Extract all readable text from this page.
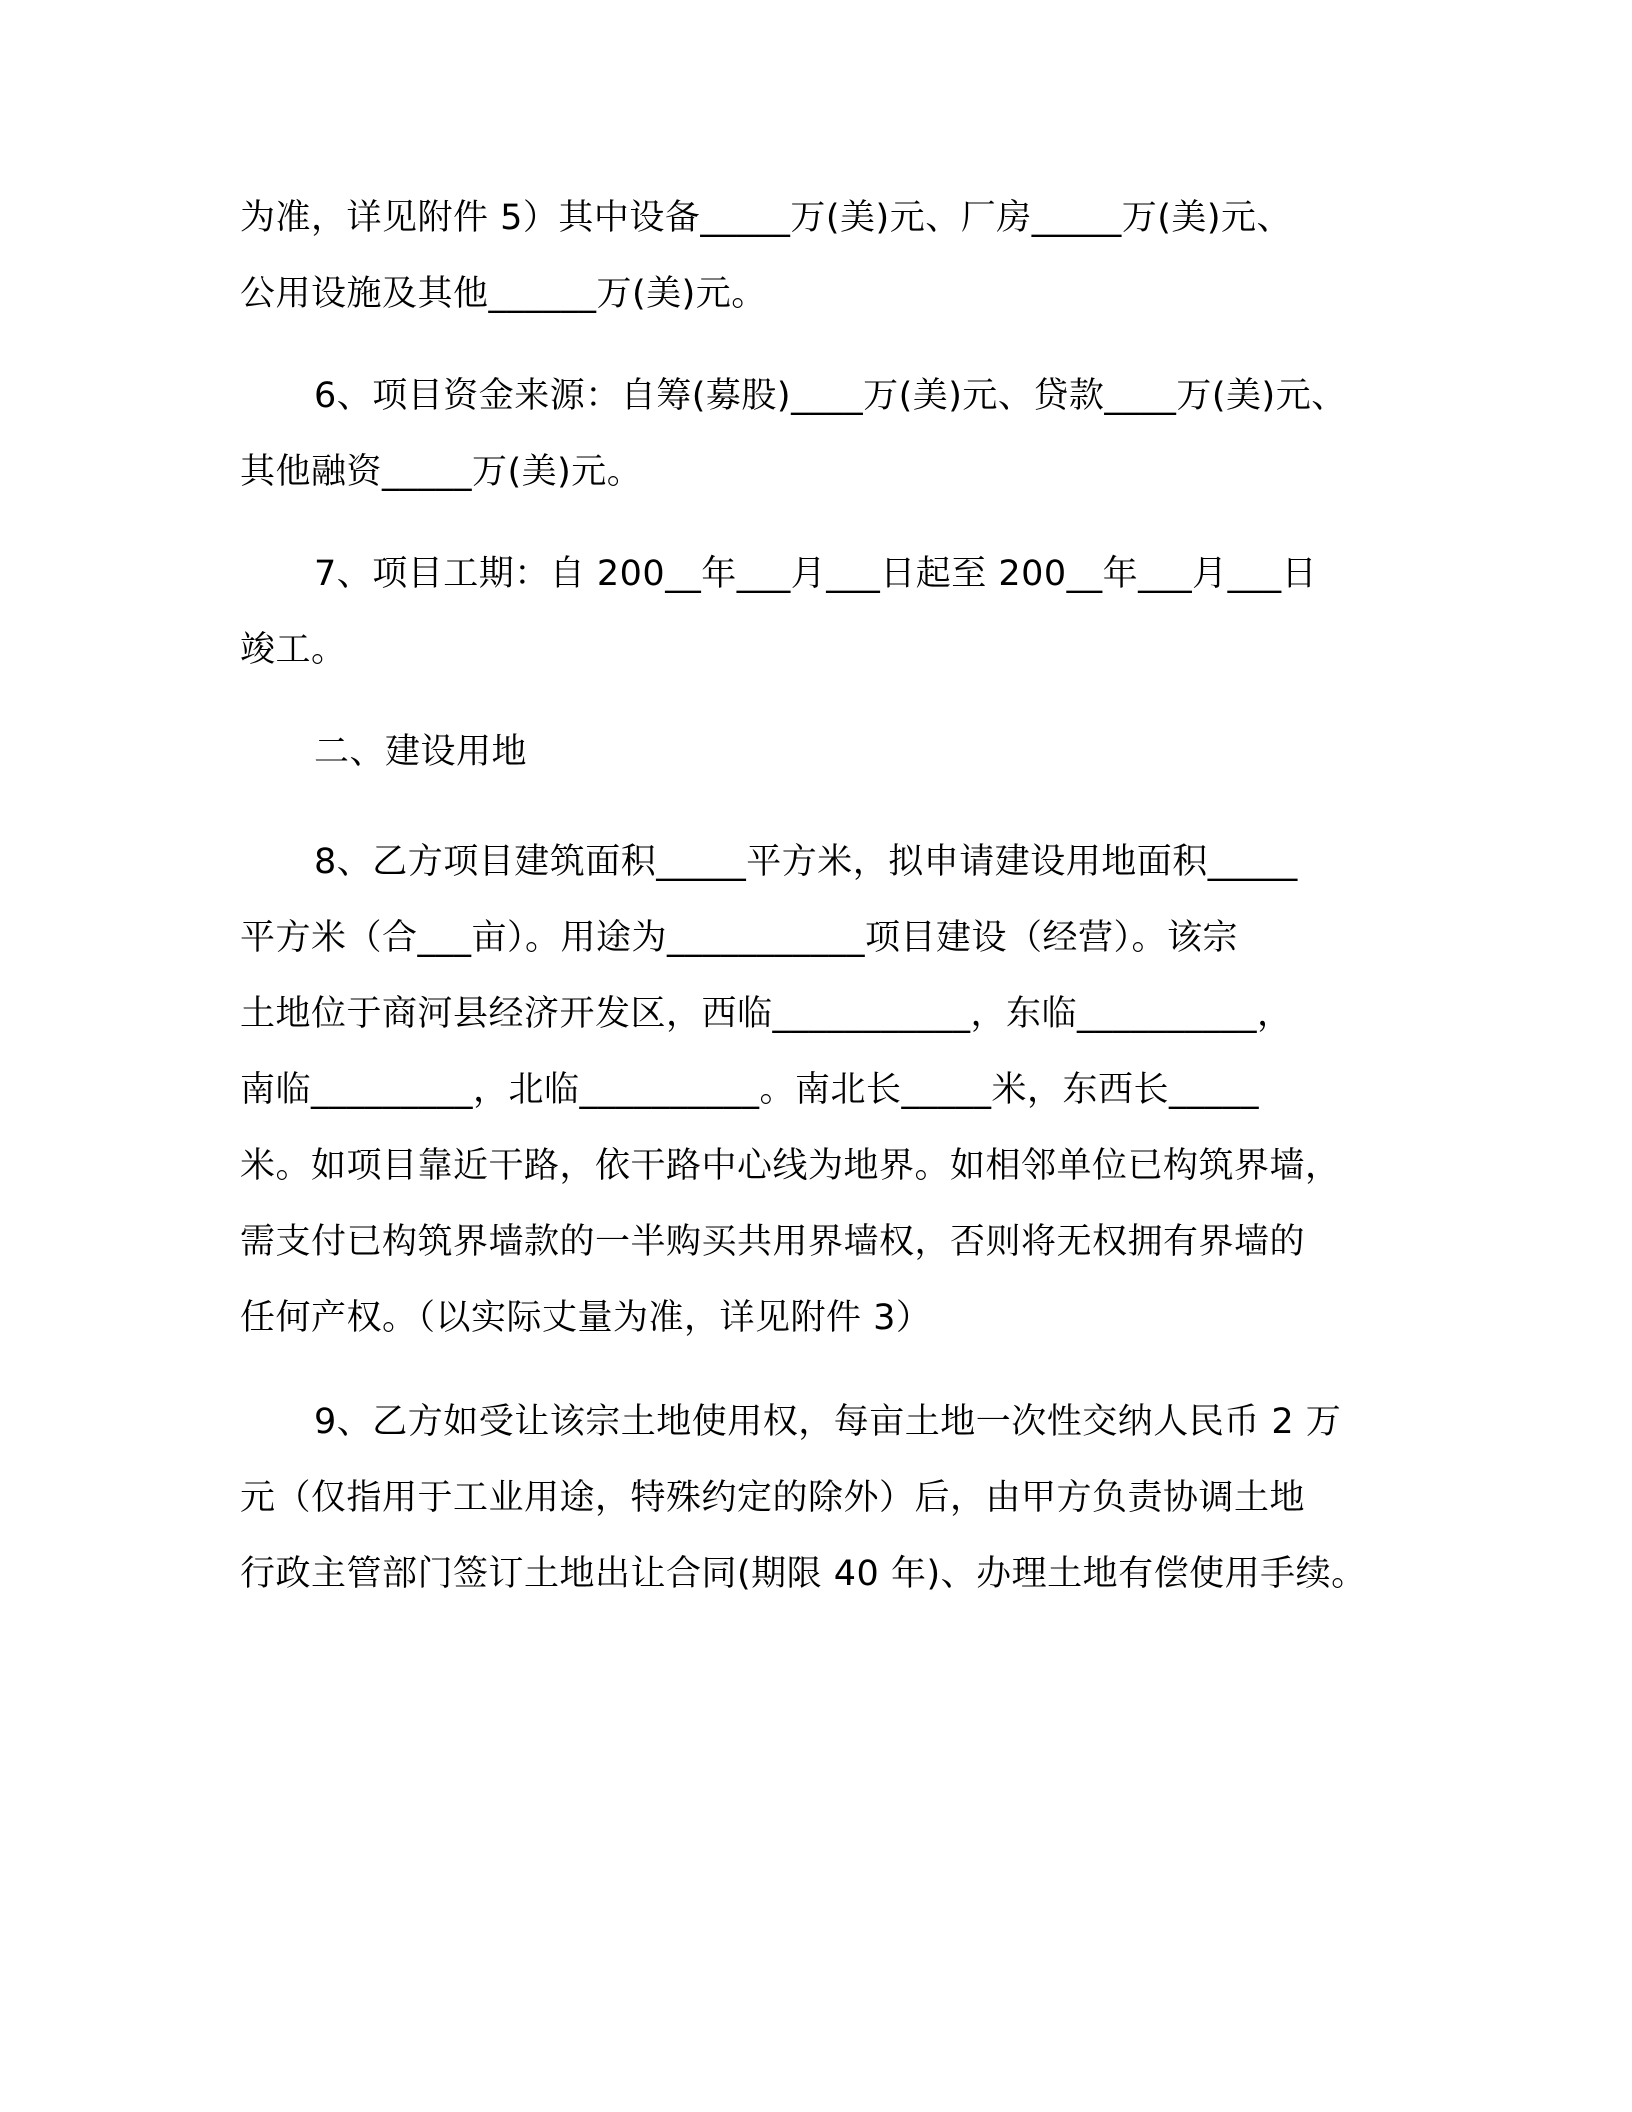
为准，详见附件 5）其中设备_____万(美)元、厂房_____万(美)元、
公用设施及其他______万(美)元。
6、项目资金来源：自筹(募股)____万(美)元、贷款____万(美)元、
其他融资_____万(美)元。
7、项目工期：自 200__年___月___日起至 200__年___月___日
竣工。
二、建设用地
8、乙方项目建筑面积_____平方米，拟申请建设用地面积_____
平方米（合___亩）。用途为___________项目建设（经营）。该宗
土地位于商河县经济开发区，西临___________，东临__________，
南临_________，北临__________。南北长_____米，东西长_____
米。如项目靠近干路，依干路中心线为地界。如相邻单位已构筑界墙，
需支付已构筑界墙款的一半购买共用界墙权，否则将无权拥有界墙的
任何产权。（以实际丈量为准，详见附件 3）
9、乙方如受让该宗土地使用权，每亩土地一次性交纳人民币 2 万
元（仅指用于工业用途，特殊约定的除外）后，由甲方负责协调土地
行政主管部门签订土地出让合同(期限 40 年)、办理土地有偿使用手续。
